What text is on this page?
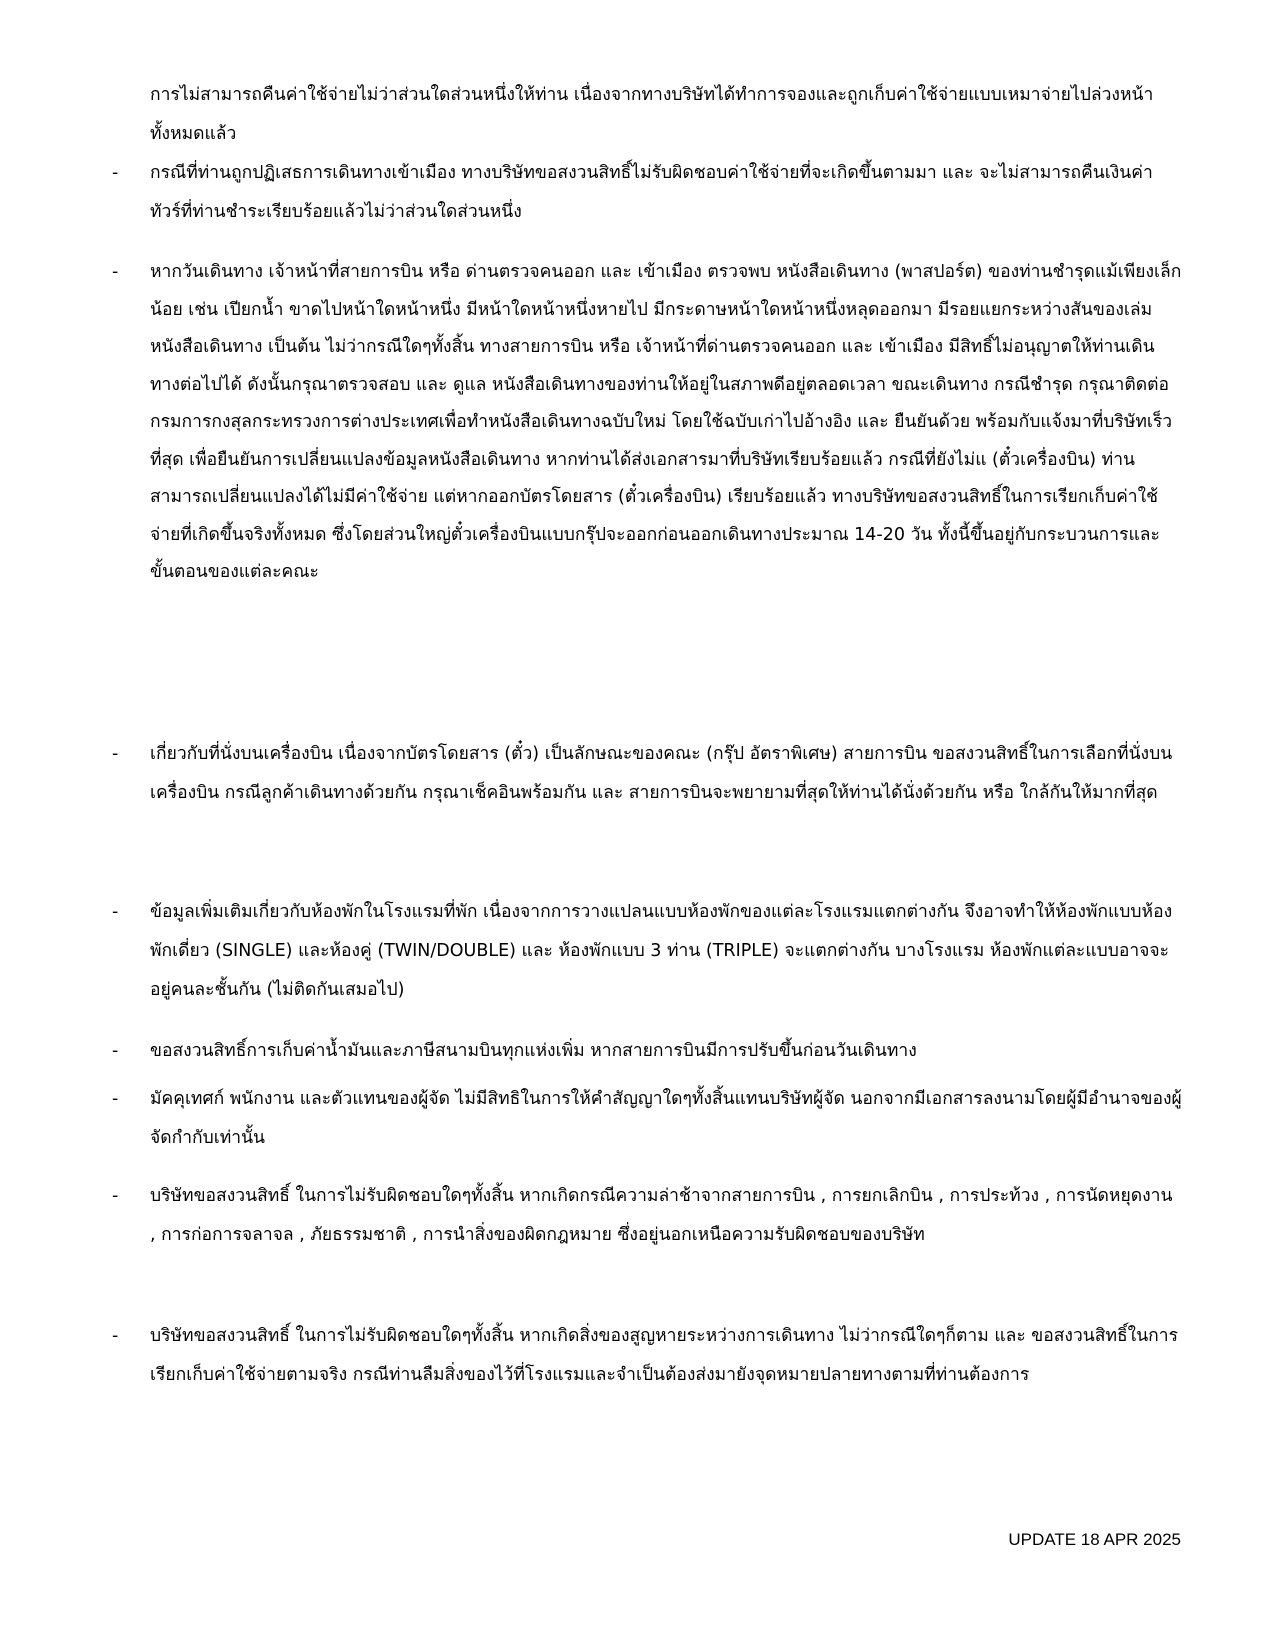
การไม่สามารถคืนค่าใช้จ่ายไม่ว่าส่วนใดส่วนหนึ่งให้ท่าน เนื่องจากทางบริษัทได้ทำการจองและถูกเก็บค่าใช้จ่ายแบบเหมาจ่ายไปล่วงหน้าทั้งหมดแล้ว

- กรณีที่ท่านถูกปฏิเสธการเดินทางเข้าเมือง ทางบริษัทขอสงวนสิทธิ์ไม่รับผิดชอบค่าใช้จ่ายที่จะเกิดขึ้นตามมา และ จะไม่สามารถคืนเงินค่าทัวร์ที่ท่านชำระเรียบร้อยแล้วไม่ว่าส่วนใดส่วนหนึ่ง
- หากวันเดินทาง เจ้าหน้าที่สายการบิน หรือ ด่านตรวจคนออก และ เข้าเมือง ตรวจพบ หนังสือเดินทาง (พาสปอร์ต) ของท่านชำรุดแม้เพียงเล็กน้อย เช่น เปียกน้ำ ขาดไปหน้าใดหน้าหนึ่ง มีหน้าใดหน้าหนึ่งหายไป มีกระดาษหน้าใดหน้าหนึ่งหลุดออกมา มีรอยแยกระหว่างสันของเล่มหนังสือเดินทาง เป็นต้น ไม่ว่ากรณีใดๆทั้งสิ้น ทางสายการบิน หรือ เจ้าหน้าที่ด่านตรวจคนออก และ เข้าเมือง มีสิทธิ์ไม่อนุญาตให้ท่านเดินทางต่อไปได้ ดังนั้นกรุณาตรวจสอบ และ ดูแล หนังสือเดินทางของท่านให้อยู่ในสภาพดีอยู่ตลอดเวลา ขณะเดินทาง กรณีชำรุด กรุณาติดต่อกรมการกงสุลกระทรวงการต่างประเทศเพื่อทำหนังสือเดินทางฉบับใหม่ โดยใช้ฉบับเก่าไปอ้างอิง และ ยืนยันด้วย พร้อมกับแจ้งมาที่บริษัทเร็วที่สุด เพื่อยืนยันการเปลี่ยนแปลงข้อมูลหนังสือเดินทาง หากท่านได้ส่งเอกสารมาที่บริษัทเรียบร้อยแล้ว กรณีที่ยังไม่แ (ตั๋วเครื่องบิน) ท่านสามารถเปลี่ยนแปลงได้ไม่มีค่าใช้จ่าย แต่หากออกบัตรโดยสาร (ตั๋วเครื่องบิน) เรียบร้อยแล้ว ทางบริษัทขอสงวนสิทธิ์ในการเรียกเก็บค่าใช้จ่ายที่เกิดขึ้นจริงทั้งหมด ซึ่งโดยส่วนใหญ่ตั๋วเครื่องบินแบบกรุ๊ปจะออกก่อนออกเดินทางประมาณ 14-20 วัน ทั้งนี้ขึ้นอยู่กับกระบวนการและขั้นตอนของแต่ละคณะ
- เกี่ยวกับที่นั่งบนเครื่องบิน เนื่องจากบัตรโดยสาร (ตั๋ว) เป็นลักษณะของคณะ (กรุ๊ป อัตราพิเศษ) สายการบิน ขอสงวนสิทธิ์ในการเลือกที่นั่งบนเครื่องบิน กรณีลูกค้าเดินทางด้วยกัน กรุณาเช็คอินพร้อมกัน และ สายการบินจะพยายามที่สุดให้ท่านได้นั่งด้วยกัน หรือ ใกล้กันให้มากที่สุด
- ข้อมูลเพิ่มเติมเกี่ยวกับห้องพักในโรงแรมที่พัก เนื่องจากการวางแปลนแบบห้องพักของแต่ละโรงแรมแตกต่างกัน จึงอาจทำให้ห้องพักแบบห้องพักเดี่ยว (SINGLE) และห้องคู่ (TWIN/DOUBLE) และ ห้องพักแบบ 3 ท่าน (TRIPLE) จะแตกต่างกัน บางโรงแรม ห้องพักแต่ละแบบอาจจะอยู่คนละชั้นกัน (ไม่ติดกันเสมอไป)
- ขอสงวนสิทธิ์การเก็บค่าน้ำมันและภาษีสนามบินทุกแห่งเพิ่ม หากสายการบินมีการปรับขึ้นก่อนวันเดินทาง
- มัคคุเทศก์ พนักงาน และตัวแทนของผู้จัด ไม่มีสิทธิในการให้คำสัญญาใดๆทั้งสิ้นแทนบริษัทผู้จัด นอกจากมีเอกสารลงนามโดยผู้มีอำนาจของผู้จัดกำกับเท่านั้น
- บริษัทขอสงวนสิทธิ์ ในการไม่รับผิดชอบใดๆทั้งสิ้น หากเกิดกรณีความล่าช้าจากสายการบิน , การยกเลิกบิน , การประท้วง , การนัดหยุดงาน , การก่อการจลาจล , ภัยธรรมชาติ , การนำสิ่งของผิดกฎหมาย ซึ่งอยู่นอกเหนือความรับผิดชอบของบริษัท
- บริษัทขอสงวนสิทธิ์ ในการไม่รับผิดชอบใดๆทั้งสิ้น หากเกิดสิ่งของสูญหายระหว่างการเดินทาง ไม่ว่ากรณีใดๆก็ตาม และ ขอสงวนสิทธิ์ในการเรียกเก็บค่าใช้จ่ายตามจริง กรณีท่านลืมสิ่งของไว้ที่โรงแรมและจำเป็นต้องส่งมายังจุดหมายปลายทางตามที่ท่านต้องการ
UPDATE 18 APR 2025
